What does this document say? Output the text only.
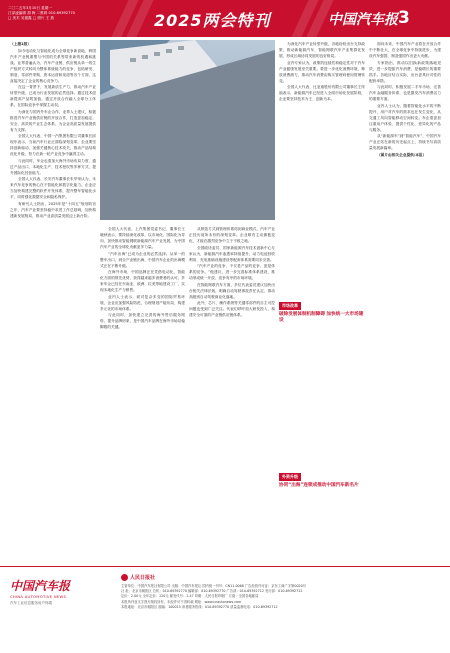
二〇二五年3月10日 星期一
江泽凌编辑 胡 梅 二维码 010-69392770
□ 美术 吴德鑫 □ 照片 王 燕	2025两会特刊	中国汽车报 3

（上接1版）

如今电动化与智能化成为全球竞争新高地，跨国汽车产业链重塑与中国的关系等带来新的机遇和挑战。业界普遍认为，汽车产业链、供应链从单一的生产组织方式转向为整体系统能力的竞争，包括研发、制造、零部件采购、资本运营和渠道等各个方面，这直接决定了企业的核心竞争力。

在这一背景下，发展新质生产力，推动汽车产业转型升级，已成为行业发展的必然选择。通过技术创新提高产品附加值，通过开放合作融入全球分工体系，在国际竞争中掌握主动权。

为深化与国内外车企合作，业界人士建议，积极推进汽车产业链供应链的开放合作，打造更加稳定、安全、高效的产业生态体系，为企业高质量发展提供有力支撑。

全国人大代表、中国一汽集团有限公司董事长邱现东表示，当前汽车行业正面临深刻变革，企业要坚持创新驱动，加强关键核心技术攻关，推动产品结构优化升级，努力在新一轮产业竞争中赢得主动。

与此同时，车企也需加大海外市场布局力度，通过产品出口、本地化生产、技术授权等多种方式，提升国际化经营能力。

全国人大代表、长安汽车董事长朱华荣认为，未来汽车竞争的核心在于智能化和数字化能力。企业应当加快构建完整的软件开发体系，提升整车智能化水平，同时强化数据安全和隐私保护。

有研究人士指出，2025年是“十四五”规划收官之年，汽车产业要坚持稳中求进工作总基调，加快构建新发展格局，推动产业高质量发展迈上新台阶。

全国人大代表、上汽集团党委书记、董事长王晓秋表示，要持续深化改革，以市场化、国际化为导向，加快推动智能网联新能源汽车产业发展，为中国汽车产业的全球化贡献更多力量。

“汽车出海”已成为企业的必然选择。从单一的整车出口，到全产业链出海，中国汽车企业的出海模式正在不断升级。

在海外市场，中国品牌正在凭借电动化、智能化方面的领先优势，获得越来越多消费者的认可。多家车企已经在东南亚、欧洲、拉美等地建设工厂，实现本地化生产与销售。

业内人士表示，面对复杂多变的国际贸易环境，企业应加强风险防范，合理规划产能布局，构建多元化的市场体系。

与此同时，加快建立完善的海外售后服务网络，提升品牌形象，是中国汽车品牌在海外市场站稳脚跟的关键。

从制造方式到管理体系再到商业模式，汽车产业正经历前所未有的深刻变革。企业唯有主动拥抱变化，才能在激烈竞争中立于不败之地。

全国政协委员、国家新能源汽车技术创新中心专家认为，新能源汽车渗透率持续提升，动力电池回收利用、充电基础设施建设等配套体系需要同步完善。

“汽车产业的竞争，不仅是产品的竞争，更是体系的竞争。”他建议，进一步完善标准体系建设，推动形成统一开放、竞争有序的市场环境。

在智能网联汽车方面，多位代表委员建议加快出台相关法律法规，明确自动驾驶事故责任认定，推动高级别自动驾驶商业化落地。

此外，芯片、操作系统等关键零部件的自主可控问题也受到广泛关注。代表们呼吁加大研发投入，构建安全可靠的产业链供应链体系。

为深化汽车产业转型升级，各地纷纷出台支持政策，推动新能源汽车、智能网联汽车产业集群化发展，形成区域协同发展的良好格局。

业内专家认为，政策的连续性和稳定性对于汽车产业健康发展至关重要。要进一步优化消费环境，释放消费潜力，推动汽车消费由购买管理向使用管理转变。

全国人大代表、比亚迪股份有限公司董事长王传福表示，新能源汽车已经进入全面市场化发展阶段，企业要坚持技术为王、创新为本。

市场改革
破除发展体制机制障碍 加快统一大市场建设
外资升级
协同“出海”连锁成推动中国汽车新名片

面向未来，中国汽车产业将在开放合作中不断壮大，在全球竞争中持续进步，为建设汽车强国、制造强国作出更大贡献。

专家指出，推动以旧换新政策落地见效，进一步提振汽车消费，是稳增长的重要抓手。各地应结合实际，出台更具针对性的配套举措。

与此同时，积极发展二手车市场，完善汽车金融服务体系，也是激发汽车消费活力的重要方面。

业内人士认为，随着智能化水平的不断提升，用户对汽车的需求也在发生变化，从交通工具向智能移动空间转变。车企需更加注重用户体验，提供个性化、差异化的产品与服务。

从“新能源车”到“智能汽车”，中国汽车产业正站在新的历史起点上，持续书写高质量发展新篇章。

（图片由相关企业提供/本报）

中国汽车报
CHINA AUTOMOTIVE NEWS
汽车工业信息服务用户终端
人民日报社
主管单位：中国汽车报社有限公司 出版：中国汽车报社 国内统一刊号：CN11-0068 广告经营许可证：京东工商广字第0020号
社 址：北京市朝阳区 总机：010-69392770 编辑部：010-69392770 广告部：010-69392712 发行部：010-69392712
定价：2.00元 全年定价：120元 邮发代号：1-47 印刷：人民日报印刷厂 订阅：全国各地邮局
本报所刊登文字图片版权所有，未经许可不得转载 网址：www.cnautonews.com
本报地址：北京市朝阳区 邮编：100015 读者服务热线：010-69392770 质量监督电话：010-69392712
